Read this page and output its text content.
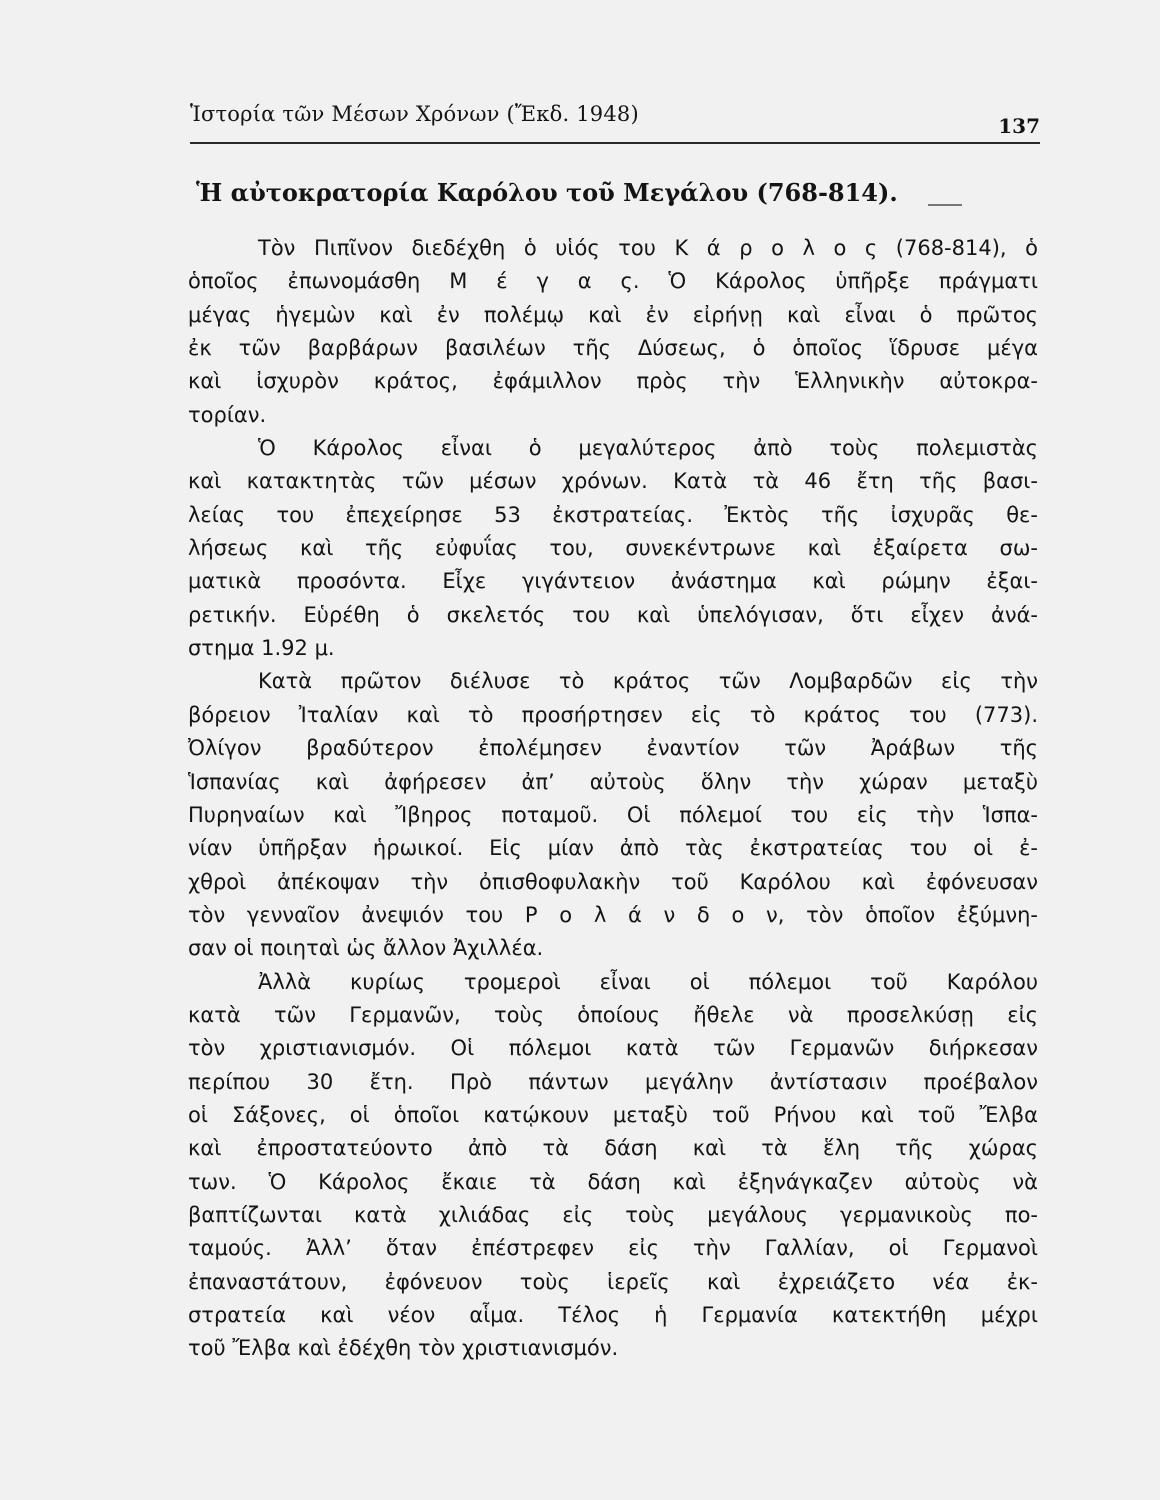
Ἱστορία τῶν Μέσων Χρόνων (Ἔκδ. 1948)	137
Ἡ αὐτοκρατορία Καρόλου τοῦ Μεγάλου (768-814).
Τὸν Πιπῖνον διεδέχθη ὁ υἱός του Κ ά ρ ο λ ο ς (768-814), ὁ
ὁποῖος ἐπωνομάσθη Μ έ γ α ς. Ὁ Κάρολος ὑπῆρξε πράγματι
μέγας ἡγεμὼν καὶ ἐν πολέμῳ καὶ ἐν εἰρήνῃ καὶ εἶναι ὁ πρῶτος
ἐκ τῶν βαρβάρων βασιλέων τῆς Δύσεως, ὁ ὁποῖος ἵδρυσε μέγα
καὶ ἰσχυρὸν κράτος, ἐφάμιλλον πρὸς τὴν Ἑλληνικὴν αὐτοκρα-
τορίαν.
Ὁ Κάρολος εἶναι ὁ μεγαλύτερος ἀπὸ τοὺς πολεμιστὰς
καὶ κατακτητὰς τῶν μέσων χρόνων. Κατὰ τὰ 46 ἔτη τῆς βασι-
λείας του ἐπεχείρησε 53 ἐκστρατείας. Ἐκτὸς τῆς ἰσχυρᾶς θε-
λήσεως καὶ τῆς εὐφυΐας του, συνεκέντρωνε καὶ ἐξαίρετα σω-
ματικὰ προσόντα. Εἶχε γιγάντειον ἀνάστημα καὶ ρώμην ἐξαι-
ρετικήν. Εὑρέθη ὁ σκελετός του καὶ ὑπελόγισαν, ὅτι εἶχεν ἀνά-
στημα 1.92 μ.
Κατὰ πρῶτον διέλυσε τὸ κράτος τῶν Λομβαρδῶν εἰς τὴν
βόρειον Ἰταλίαν καὶ τὸ προσήρτησεν εἰς τὸ κράτος του (773).
Ὀλίγον βραδύτερον ἐπολέμησεν ἐναντίον τῶν Ἀράβων τῆς
Ἱσπανίας καὶ ἀφήρεσεν ἀπ’ αὐτοὺς ὅλην τὴν χώραν μεταξὺ
Πυρηναίων καὶ Ἴβηρος ποταμοῦ. Οἱ πόλεμοί του εἰς τὴν Ἱσπα-
νίαν ὑπῆρξαν ἡρωικοί. Εἰς μίαν ἀπὸ τὰς ἐκστρατείας του οἱ ἐ-
χθροὶ ἀπέκοψαν τὴν ὀπισθοφυλακὴν τοῦ Καρόλου καὶ ἐφόνευσαν
τὸν γενναῖον ἀνεψιόν του Ρ ο λ ά ν δ ο ν, τὸν ὁποῖον ἐξύμνη-
σαν οἱ ποιηταὶ ὡς ἄλλον Ἀχιλλέα.
Ἀλλὰ κυρίως τρομεροὶ εἶναι οἱ πόλεμοι τοῦ Καρόλου
κατὰ τῶν Γερμανῶν, τοὺς ὁποίους ἤθελε νὰ προσελκύσῃ εἰς
τὸν χριστιανισμόν. Οἱ πόλεμοι κατὰ τῶν Γερμανῶν διήρκεσαν
περίπου 30 ἔτη. Πρὸ πάντων μεγάλην ἀντίστασιν προέβαλον
οἱ Σάξονες, οἱ ὁποῖοι κατῴκουν μεταξὺ τοῦ Ρήνου καὶ τοῦ Ἔλβα
καὶ ἐπροστατεύοντο ἀπὸ τὰ δάση καὶ τὰ ἕλη τῆς χώρας
των. Ὁ Κάρολος ἔκαιε τὰ δάση καὶ ἐξηνάγκαζεν αὐτοὺς νὰ
βαπτίζωνται κατὰ χιλιάδας εἰς τοὺς μεγάλους γερμανικοὺς πο-
ταμούς. Ἀλλ’ ὅταν ἐπέστρεφεν εἰς τὴν Γαλλίαν, οἱ Γερμανοὶ
ἐπαναστάτουν, ἐφόνευον τοὺς ἱερεῖς καὶ ἐχρειάζετο νέα ἐκ-
στρατεία καὶ νέον αἷμα. Τέλος ἡ Γερμανία κατεκτήθη μέχρι
τοῦ Ἔλβα καὶ ἐδέχθη τὸν χριστιανισμόν.
